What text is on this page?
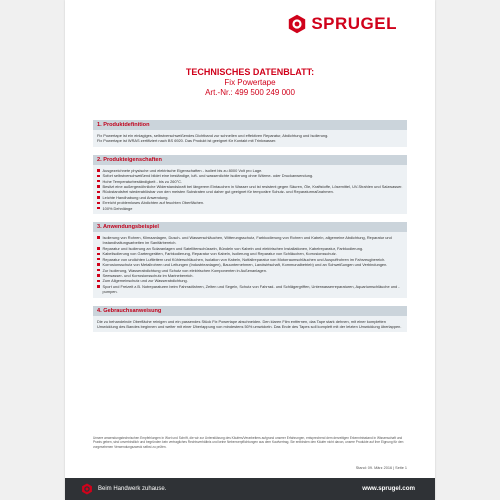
SPRUGEL
TECHNISCHES DATENBLATT:
Fix Powertape
Art.-Nr.: 499 500 249 000
1. Produktdefinition
Fix Powertape ist ein einlagiges, selbstverschweißendes Dichtband zur schnellen und effektiven Reparatur, Abdichtung und Isolierung.
Fix Powertape ist WRAS zertifiziert nach BS 6920. Das Produkt ist geeignet für Kontakt mit Trinkwasser.
2. Produkteigenschaften
Ausgezeichnete physische und elektrische Eigenschaften - isoliert bis zu 8000 Volt pro Lage.
Sofort selbstverschweißend bildet eine beständige, luft- und wasserdichte Isolierung ohne Wärme- oder Druckanwendung.
Hohe Temperaturbeständigkeit - bis zu 260°C.
Besitzt eine außergewöhnliche Widerstandskraft bei längerem Eintauchen in Wasser und ist resistent gegen Säuren, Öle, Kraftstoffe, Lösemittel, UV-Strahlen und Salzwasser.
Rückstandsfrei wiederablösbar von den meisten Substraten und daher gut geeignet für temporäre Schutz- und Reparaturmaßnahmen.
Leichte Handhabung und Anwendung.
Erreicht problemloses Abdichten auf feuchten Oberflächen.
100% Dehnlänge
3. Anwendungsbeispiel
Isolierung von Rohren, Klimaanlagen, Dusch- und Wasserschläuchen, Witterungsschutz, Farbkodierung von Rohren und Kabeln, allgemeine Abdichtung, Reparatur und Instandhaltungsarbeiten im Sanitärbereich.
Reparatur und Isolierung an Solaranlagen und Satellitenschüsseln, Bündeln von Kabeln und elektrischen Installationen, Kabelreparatur, Farbkodierung.
Kabelisolierung von Gartengeräten, Farbkodierung, Reparatur von Kabeln, Isolierung und Reparatur von Schläuchen, Korrosionsschutz.
Reparatur von undichten Luftleitern und Kühlerschläuchen, Isolation von Kabeln, Notfallreparatur von Motorraumschläuchen und Auspuffrohren im Fahrzeugbereich.
Korrosionsschutz von Metallrohren und Leitungen (Industrieanlagen), Bauunternehmen, Landwirtschaft, Kommunalbetrieb) und an Schweißungen und Verbindungen.
Zur Isolierung, Wasserabdichtung und Schutz von elektrischen Komponenten in Außenanlagen.
Seewasser- und Korrosionsschutz im Marinebereich.
Zum Allgemeinschutz und zur Wasserabdichtung.
Sport und Freizeit z.B. Notreparaturen beim Fahrradfahren, Zelten und Segeln, Schutz von Fahrrad- und Schlägergriffen, Unterwasserreparaturen, Aquariumschläuche und -pumpen.
4. Gebrauchsanweisung
Die zu behandelnde Oberfläche reinigen und ein passendes Stück Fix Powertape abschneiden. Den klaren Film entfernen, das Tape stark dehnen, mit einer kompletten Umwicklung des Bandes beginnen und weiter mit einer Überlappung von mindestens 50% umwickeln. Das Ende des Tapes soll komplett mit der letzten Umwicklung überlappen.
Unsere anwendungstechnischen Empfehlungen in Wort und Schrift, die wir zur Unterstützung des Käufers/Verarbeiters aufgrund unserer Erfahrungen, entsprechend dem derzeitigen Erkenntnisstand in Wissenschaft und Praxis geben, sind unverbindlich und begründen kein vertragliches Rechtsverhältnis und keine Nebenverpflichtungen aus dem Kaufvertrag. Sie entbinden den Käufer nicht davon, unsere Produkte auf ihre Eignung für den vorgesehenen Verwendungszweck selbst zu prüfen.
Stand: 09. März 2016 | Seite 1
Beim Handwerk zuhause.	www.sprugel.com
